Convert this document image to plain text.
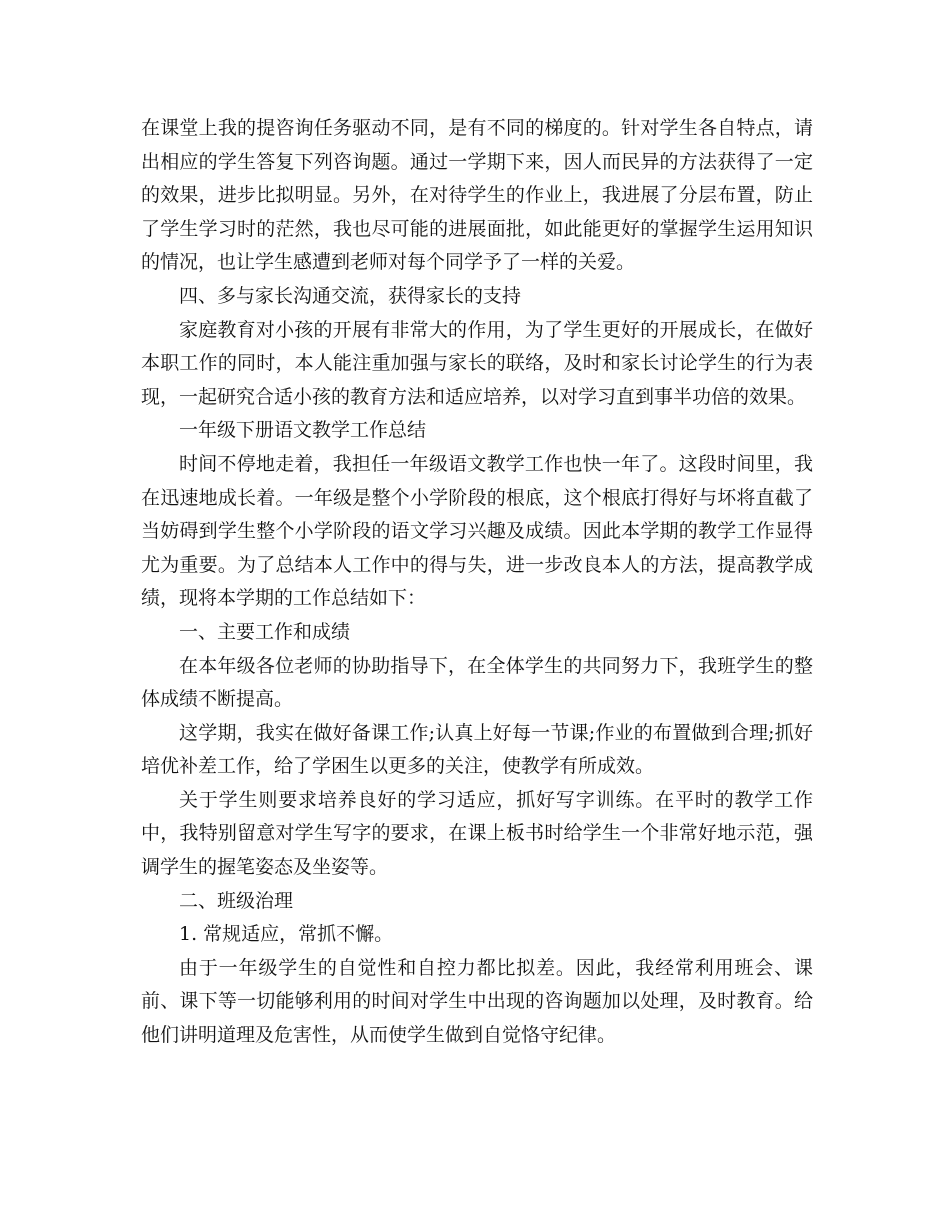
在课堂上我的提咨询任务驱动不同，是有不同的梯度的。针对学生各自特点，请出相应的学生答复下列咨询题。通过一学期下来，因人而民异的方法获得了一定的效果，进步比拟明显。另外，在对待学生的作业上，我进展了分层布置，防止了学生学习时的茫然，我也尽可能的进展面批，如此能更好的掌握学生运用知识的情况，也让学生感遭到老师对每个同学予了一样的关爱。

四、多与家长沟通交流，获得家长的支持

家庭教育对小孩的开展有非常大的作用，为了学生更好的开展成长，在做好本职工作的同时，本人能注重加强与家长的联络，及时和家长讨论学生的行为表现，一起研究合适小孩的教育方法和适应培养，以对学习直到事半功倍的效果。

一年级下册语文教学工作总结

时间不停地走着，我担任一年级语文教学工作也快一年了。这段时间里，我在迅速地成长着。一年级是整个小学阶段的根底，这个根底打得好与坏将直截了当妨碍到学生整个小学阶段的语文学习兴趣及成绩。因此本学期的教学工作显得尤为重要。为了总结本人工作中的得与失，进一步改良本人的方法，提高教学成绩，现将本学期的工作总结如下：

一、主要工作和成绩

在本年级各位老师的协助指导下，在全体学生的共同努力下，我班学生的整体成绩不断提高。

这学期，我实在做好备课工作;认真上好每一节课;作业的布置做到合理;抓好培优补差工作，给了学困生以更多的关注，使教学有所成效。

关于学生则要求培养良好的学习适应，抓好写字训练。在平时的教学工作中，我特别留意对学生写字的要求，在课上板书时给学生一个非常好地示范，强调学生的握笔姿态及坐姿等。

二、班级治理

1. 常规适应，常抓不懈。

由于一年级学生的自觉性和自控力都比拟差。因此，我经常利用班会、课前、课下等一切能够利用的时间对学生中出现的咨询题加以处理，及时教育。给他们讲明道理及危害性，从而使学生做到自觉恪守纪律。
